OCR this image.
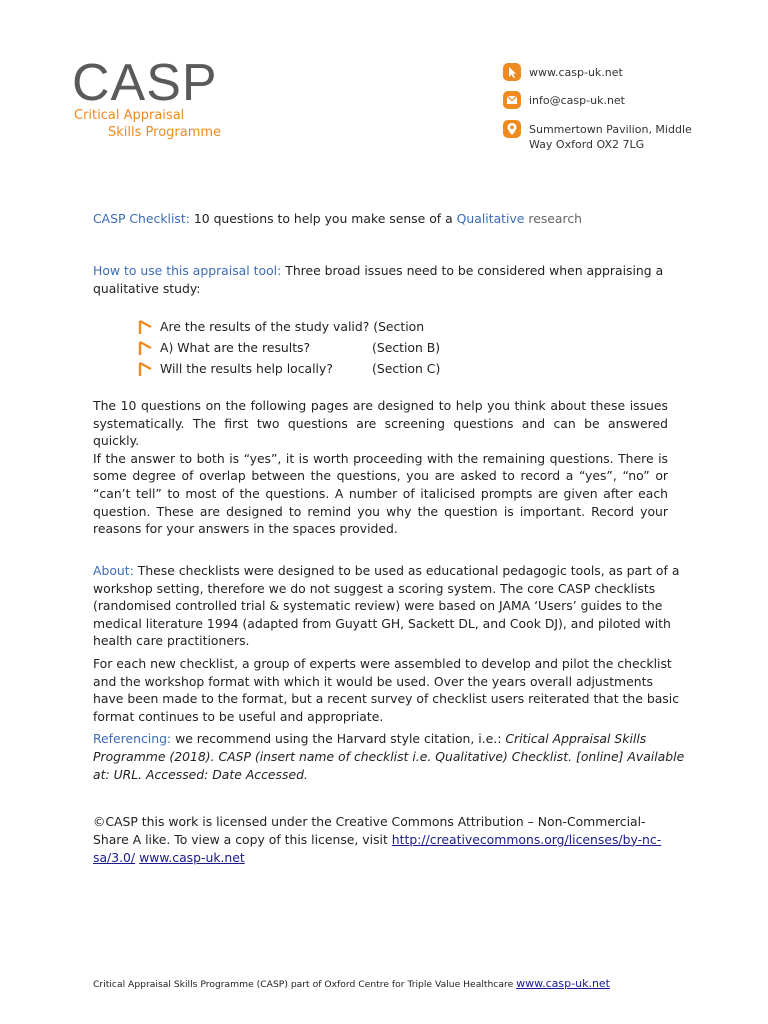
CASP
Critical Appraisal
Skills Programme
www.casp-uk.net
info@casp-uk.net
Summertown Pavilion, Middle
Way Oxford OX2 7LG
CASP Checklist: 10 questions to help you make sense of a Qualitative research

How to use this appraisal tool: Three broad issues need to be considered when appraising a qualitative study:

Are the results of the study valid? (Section
A) What are the results?	(Section B)
Will the results help locally?	(Section C)

The 10 questions on the following pages are designed to help you think about these issues systematically. The first two questions are screening questions and can be answered quickly.

If the answer to both is “yes”, it is worth proceeding with the remaining questions. There is some degree of overlap between the questions, you are asked to record a “yes”, “no” or “can’t tell” to most of the questions. A number of italicised prompts are given after each question. These are designed to remind you why the question is important. Record your reasons for your answers in the spaces provided.

About: These checklists were designed to be used as educational pedagogic tools, as part of a workshop setting, therefore we do not suggest a scoring system. The core CASP checklists (randomised controlled trial & systematic review) were based on JAMA ‘Users’ guides to the medical literature 1994 (adapted from Guyatt GH, Sackett DL, and Cook DJ), and piloted with health care practitioners.

For each new checklist, a group of experts were assembled to develop and pilot the checklist and the workshop format with which it would be used. Over the years overall adjustments have been made to the format, but a recent survey of checklist users reiterated that the basic format continues to be useful and appropriate.

Referencing: we recommend using the Harvard style citation, i.e.: Critical Appraisal Skills Programme (2018). CASP (insert name of checklist i.e. Qualitative) Checklist. [online] Available at: URL. Accessed: Date Accessed.

©CASP this work is licensed under the Creative Commons Attribution – Non-Commercial-Share A like. To view a copy of this license, visit http://creativecommons.org/licenses/by-nc- sa/3.0/ www.casp-uk.net

Critical Appraisal Skills Programme (CASP) part of Oxford Centre for Triple Value Healthcare www.casp-uk.net
